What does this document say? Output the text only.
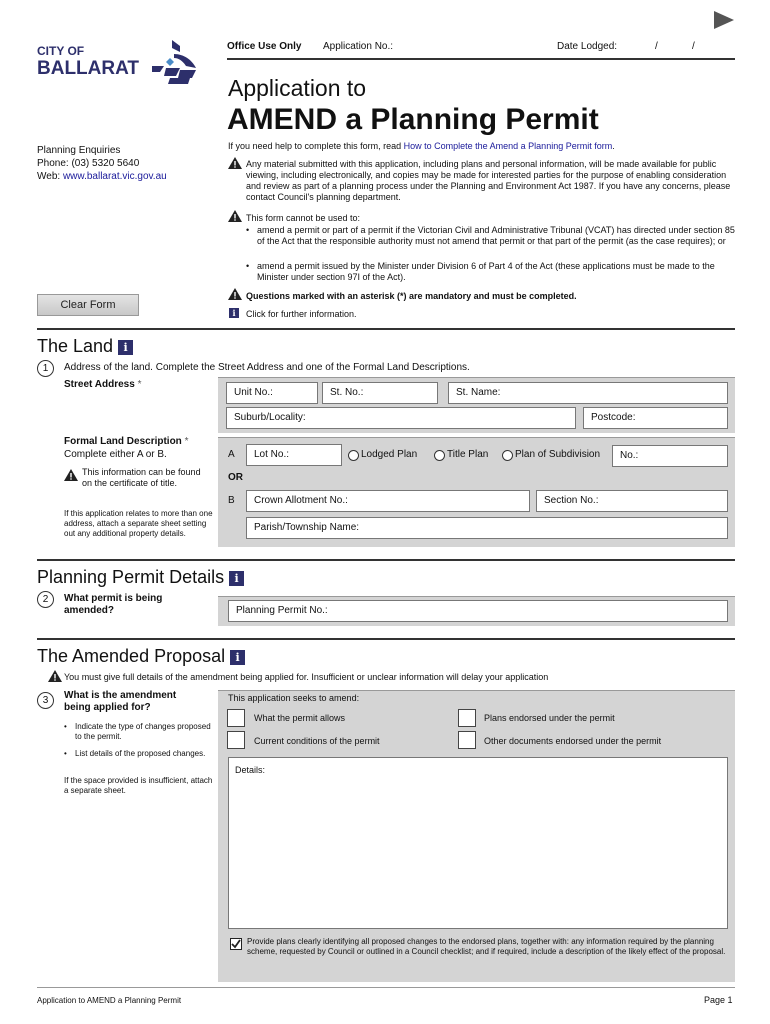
CITY OF
BALLARAT
Office Use Only Application No.:	Date Lodged:	/	/
Application to
AMEND a Planning Permit
Planning Enquiries
Phone: (03) 5320 5640
Web: www.ballarat.vic.gov.au
If you need help to complete this form, read How to Complete the Amend a Planning Permit form.
Any material submitted with this application, including plans and personal information, will be made available for public viewing, including electronically, and copies may be made for interested parties for the purpose of enabling consideration and review as part of a planning process under the Planning and Environment Act 1987. If you have any concerns, please contact Council's planning department.
This form cannot be used to:
• amend a permit or part of a permit if the Victorian Civil and Administrative Tribunal (VCAT) has directed under section 85 of the Act that the responsible authority must not amend that permit or that part of the permit (as the case requires); or
• amend a permit issued by the Minister under Division 6 of Part 4 of the Act (these applications must be made to the Minister under section 97I of the Act).
Clear Form
Questions marked with an asterisk (*) are mandatory and must be completed.
i	Click for further information.
The Land i
1	Address of the land. Complete the Street Address and one of the Formal Land Descriptions.
Street Address *
Unit No.:	St. No.:	St. Name:
Suburb/Locality:	Postcode:
Formal Land Description *
Complete either A or B.
This information can be found on the certificate of title.
If this application relates to more than one address, attach a separate sheet setting out any additional property details.
A	Lot No.:	Lodged Plan	Title Plan	Plan of Subdivision	No.:
OR
B	Crown Allotment No.:	Section No.:
Parish/Township Name:
Planning Permit Details i
2	What permit is being amended?	Planning Permit No.:
The Amended Proposal i
You must give full details of the amendment being applied for. Insufficient or unclear information will delay your application
3	What is the amendment being applied for?
•	Indicate the type of changes proposed to the permit.
•	List details of the proposed changes.
If the space provided is insufficient, attach a separate sheet.
This application seeks to amend:
What the permit allows	Plans endorsed under the permit
Current conditions of the permit	Other documents endorsed under the permit
Details:
Provide plans clearly identifying all proposed changes to the endorsed plans, together with: any information required by the planning scheme, requested by Council or outlined in a Council checklist; and if required, include a description of the likely effect of the proposal.
Application to AMEND a Planning Permit	Page 1
